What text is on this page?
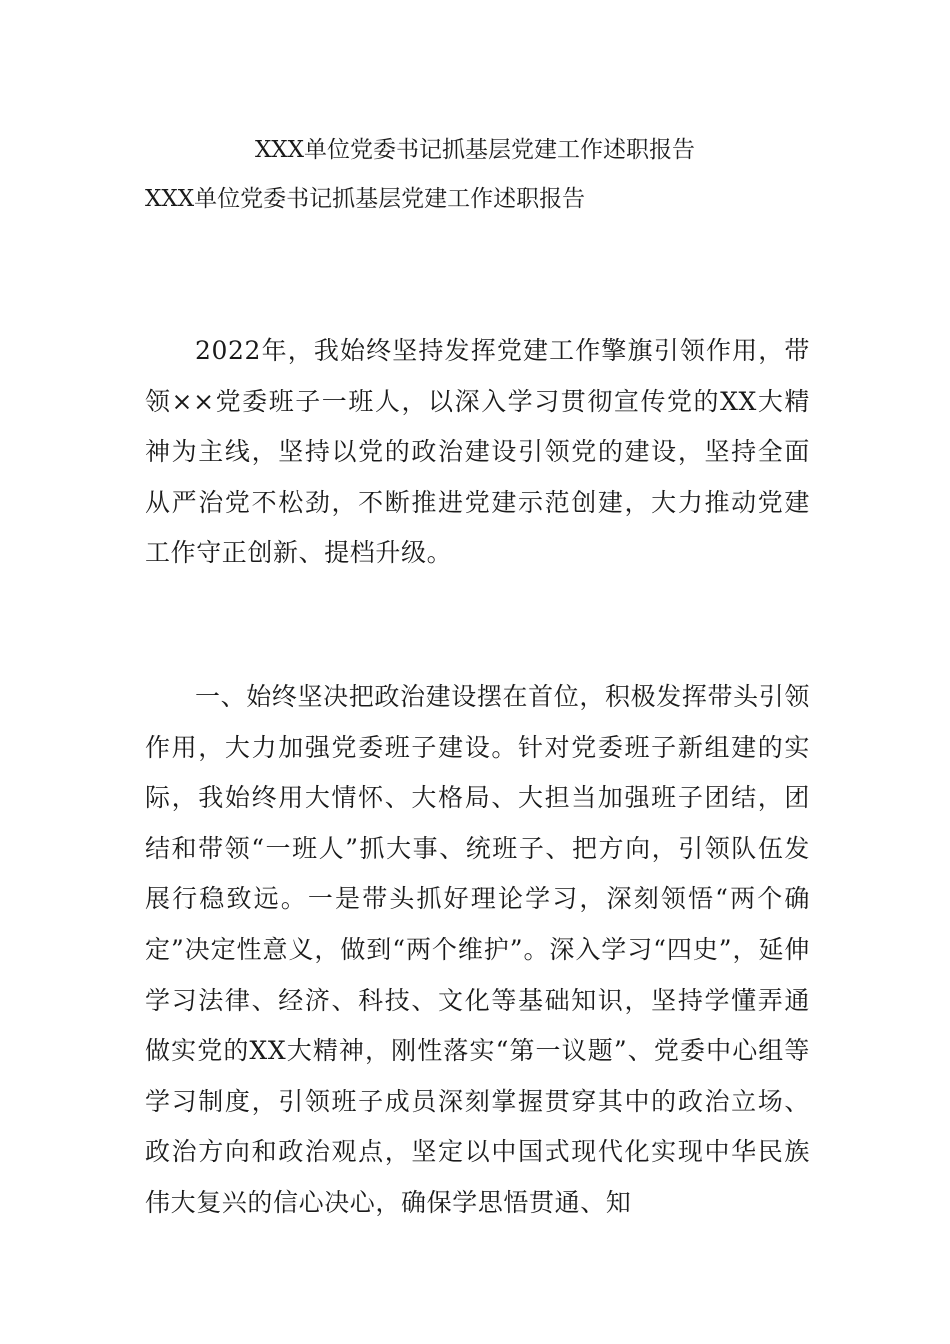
XXX单位党委书记抓基层党建工作述职报告
XXX单位党委书记抓基层党建工作述职报告

2022年，我始终坚持发挥党建工作擎旗引领作用，带领××党委班子一班人，以深入学习贯彻宣传党的XX大精神为主线，坚持以党的政治建设引领党的建设，坚持全面从严治党不松劲，不断推进党建示范创建，大力推动党建工作守正创新、提档升级。

一、始终坚决把政治建设摆在首位，积极发挥带头引领作用，大力加强党委班子建设。针对党委班子新组建的实际，我始终用大情怀、大格局、大担当加强班子团结，团结和带领“一班人”抓大事、统班子、把方向，引领队伍发展行稳致远。一是带头抓好理论学习，深刻领悟“两个确定”决定性意义，做到“两个维护”。深入学习“四史”，延伸学习法律、经济、科技、文化等基础知识，坚持学懂弄通做实党的XX大精神，刚性落实“第一议题”、党委中心组等学习制度，引领班子成员深刻掌握贯穿其中的政治立场、政治方向和政治观点，坚定以中国式现代化实现中华民族伟大复兴的信心决心，确保学思悟贯通、知
